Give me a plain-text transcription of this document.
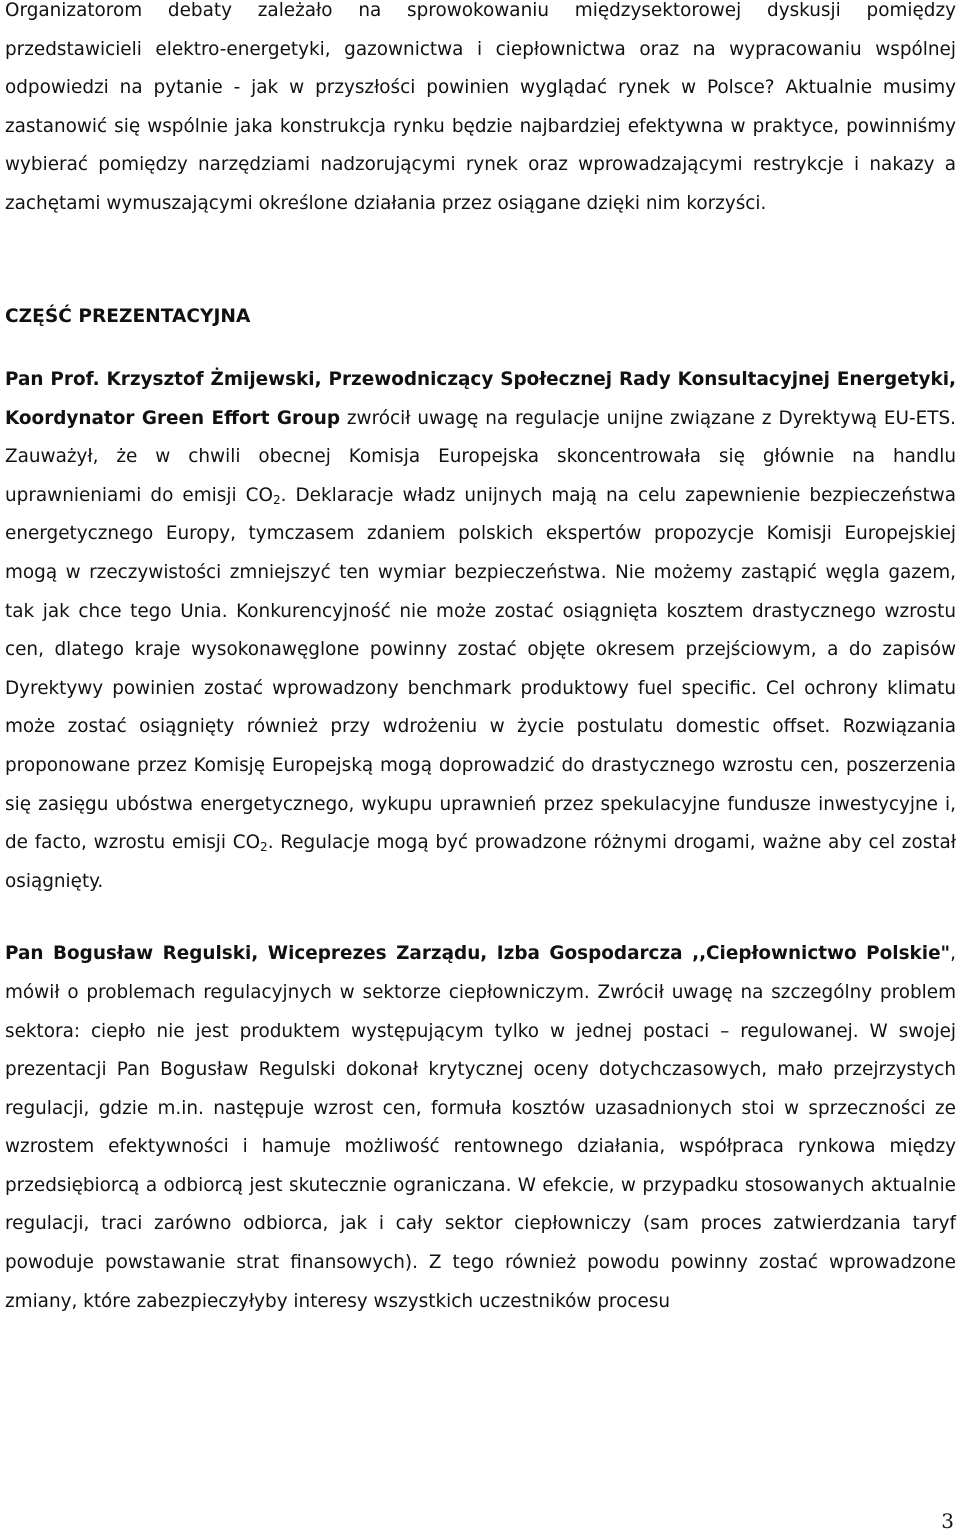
Organizatorom debaty zależało na sprowokowaniu międzysektorowej dyskusji pomiędzy przedstawicieli elektro-energetyki, gazownictwa i ciepłownictwa oraz na wypracowaniu wspólnej odpowiedzi na pytanie - jak w przyszłości powinien wyglądać rynek w Polsce? Aktualnie musimy zastanowić się wspólnie jaka konstrukcja rynku będzie najbardziej efektywna w praktyce, powinniśmy wybierać pomiędzy narzędziami nadzorującymi rynek oraz wprowadzającymi restrykcje i nakazy a zachętami wymuszającymi określone działania przez osiągane dzięki nim korzyści.

CZĘŚĆ PREZENTACYJNA

Pan Prof. Krzysztof Żmijewski, Przewodniczący Społecznej Rady Konsultacyjnej Energetyki, Koordynator Green Effort Group zwrócił uwagę na regulacje unijne związane z Dyrektywą EU-ETS. Zauważył, że w chwili obecnej Komisja Europejska skoncentrowała się głównie na handlu uprawnieniami do emisji $CO_2$. Deklaracje władz unijnych mają na celu zapewnienie bezpieczeństwa energetycznego Europy, tymczasem zdaniem polskich ekspertów propozycje Komisji Europejskiej mogą w rzeczywistości zmniejszyć ten wymiar bezpieczeństwa. Nie możemy zastąpić węgla gazem, tak jak chce tego Unia. Konkurencyjność nie może zostać osiągnięta kosztem drastycznego wzrostu cen, dlatego kraje wysokonawęglone powinny zostać objęte okresem przejściowym, a do zapisów Dyrektywy powinien zostać wprowadzony benchmark produktowy fuel specific. Cel ochrony klimatu może zostać osiągnięty również przy wdrożeniu w życie postulatu domestic offset. Rozwiązania proponowane przez Komisję Europejską mogą doprowadzić do drastycznego wzrostu cen, poszerzenia się zasięgu ubóstwa energetycznego, wykupu uprawnień przez spekulacyjne fundusze inwestycyjne i, de facto, wzrostu emisji $CO_2$. Regulacje mogą być prowadzone różnymi drogami, ważne aby cel został osiągnięty.

Pan Bogusław Regulski, Wiceprezes Zarządu, Izba Gospodarcza ,,Ciepłownictwo Polskie", mówił o problemach regulacyjnych w sektorze ciepłowniczym. Zwrócił uwagę na szczególny problem sektora: ciepło nie jest produktem występującym tylko w jednej postaci – regulowanej. W swojej prezentacji Pan Bogusław Regulski dokonał krytycznej oceny dotychczasowych, mało przejrzystych regulacji, gdzie m.in. następuje wzrost cen, formuła kosztów uzasadnionych stoi w sprzeczności ze wzrostem efektywności i hamuje możliwość rentownego działania, współpraca rynkowa między przedsiębiorcą a odbiorcą jest skutecznie ograniczana. W efekcie, w przypadku stosowanych aktualnie regulacji, traci zarówno odbiorca, jak i cały sektor ciepłowniczy (sam proces zatwierdzania taryf powoduje powstawanie strat finansowych). Z tego również powodu powinny zostać wprowadzone zmiany, które zabezpieczyłyby interesy wszystkich uczestników procesu

3
